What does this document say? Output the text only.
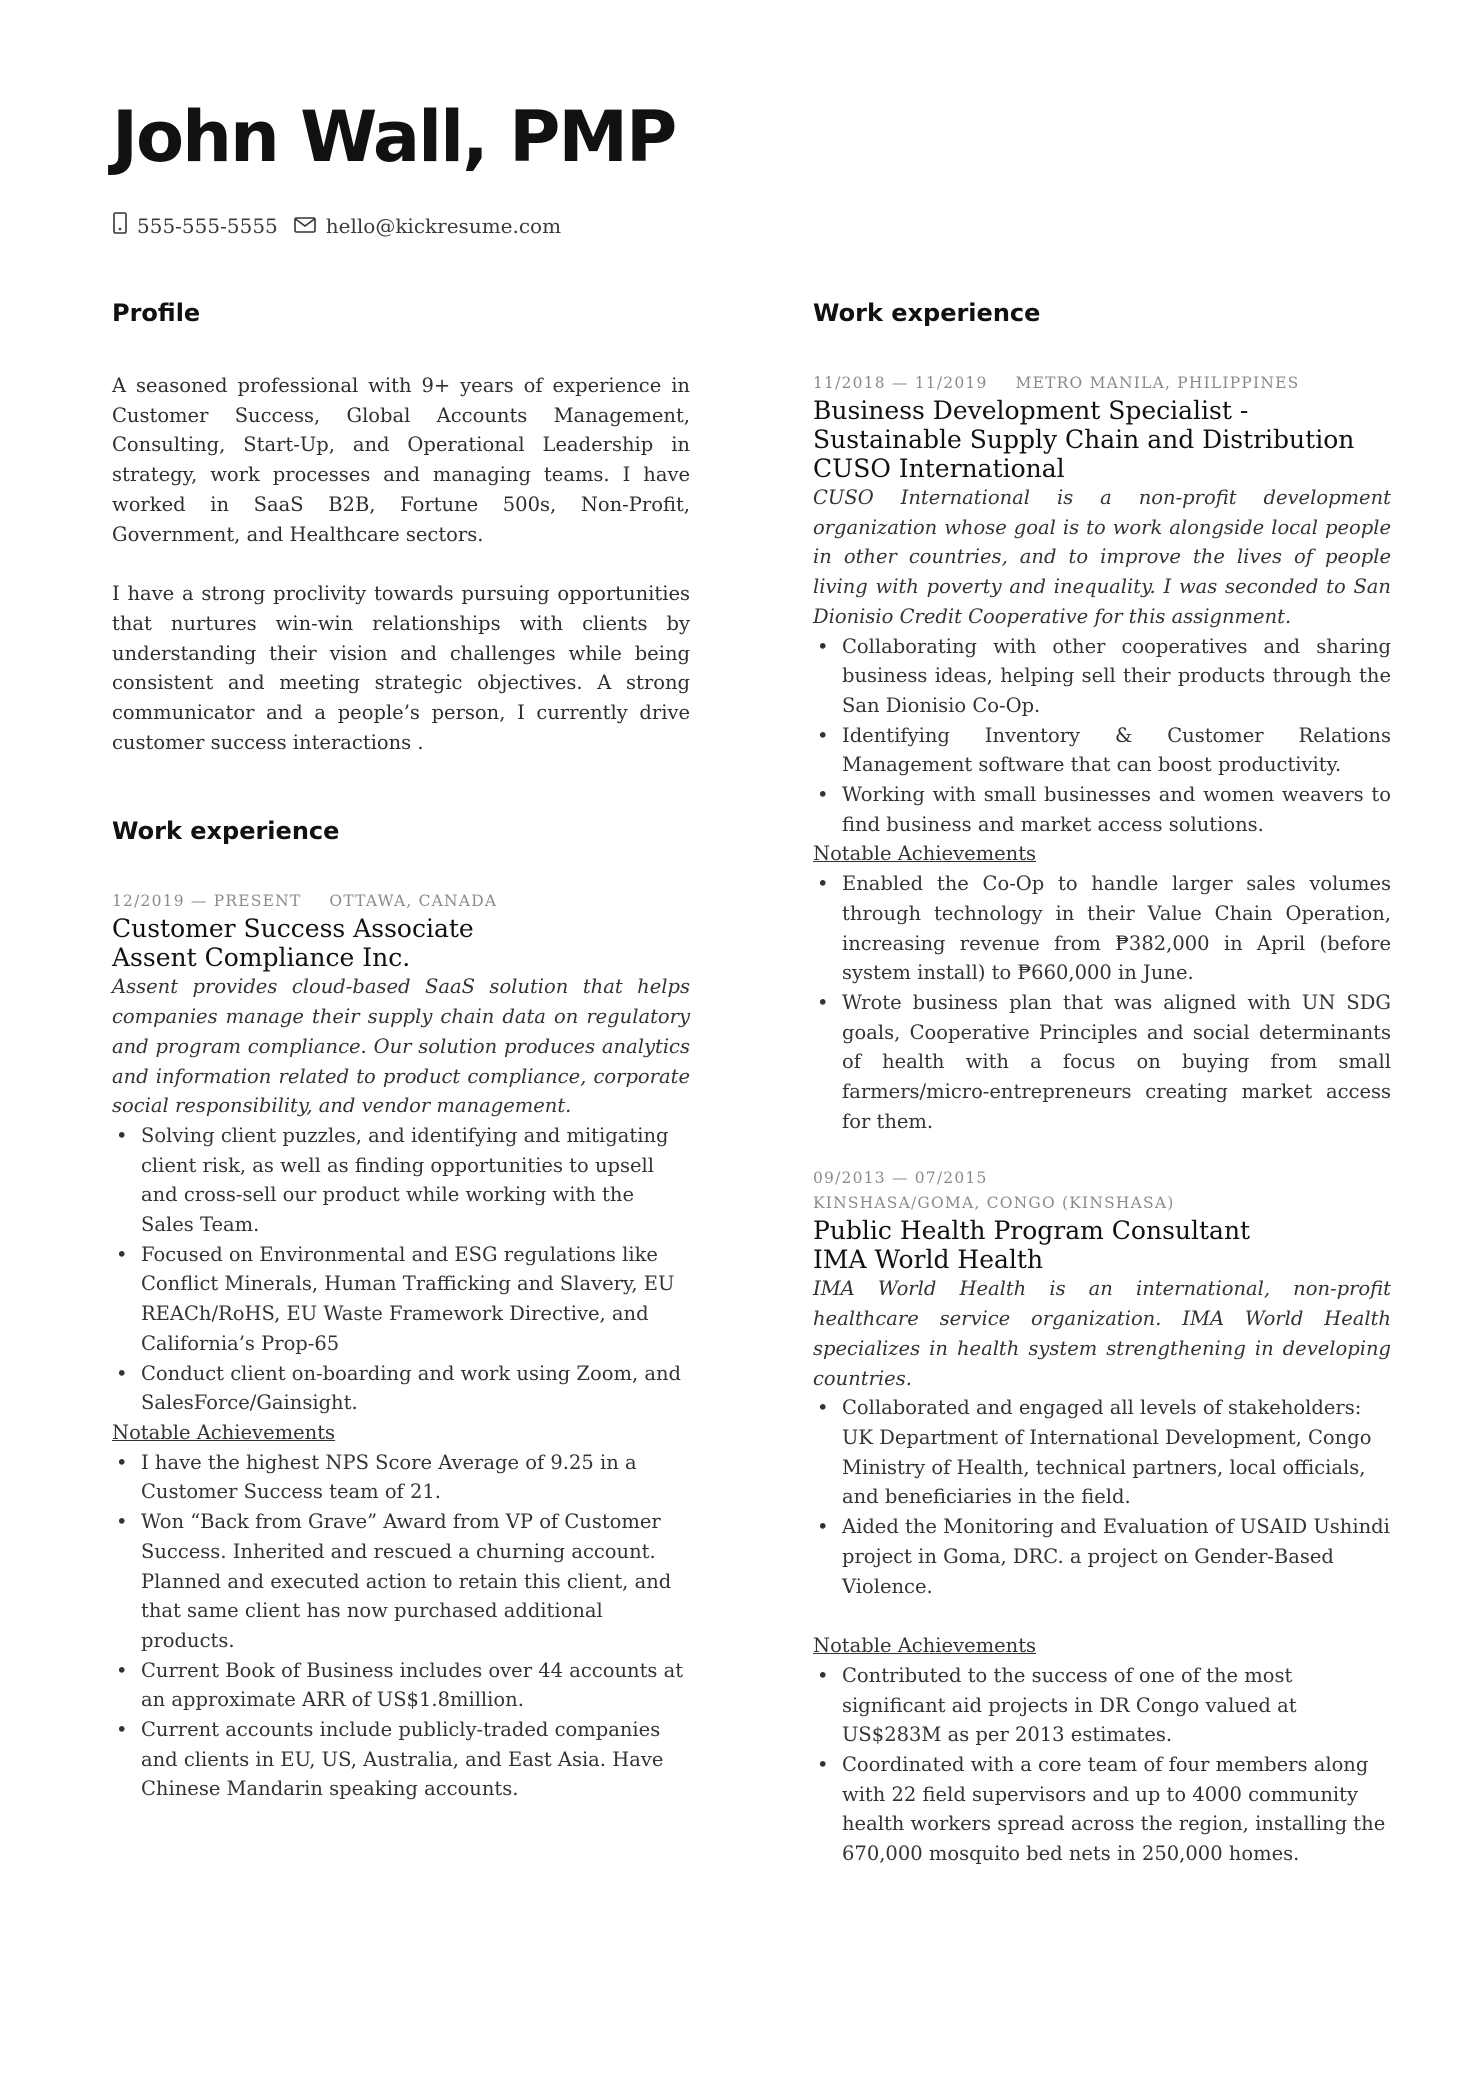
John Wall, PMP
555-555-5555 hello@kickresume.com
Profile

A seasoned professional with 9+ years of experience in Customer Success, Global Accounts Management, Consulting, Start-Up, and Operational Leadership in strategy, work processes and managing teams. I have worked in SaaS B2B, Fortune 500s, Non-Profit, Government, and Healthcare sectors.

I have a strong proclivity towards pursuing opportunities that nurtures win-win relationships with clients by understanding their vision and challenges while being consistent and meeting strategic objectives. A strong communicator and a people’s person, I currently drive customer success interactions .

Work experience
12/2019 — PRESENT OTTAWA, CANADA
Customer Success Associate
Assent Compliance Inc.

Assent provides cloud-based SaaS solution that helps companies manage their supply chain data on regulatory and program compliance. Our solution produces analytics and information related to product compliance, corporate social responsibility, and vendor management.

• Solving client puzzles, and identifying and mitigating client risk, as well as finding opportunities to upsell and cross-sell our product while working with the Sales Team.
• Focused on Environmental and ESG regulations like Conflict Minerals, Human Trafficking and Slavery, EU REACh/RoHS, EU Waste Framework Directive, and California’s Prop-65
• Conduct client on-boarding and work using Zoom, and SalesForce/Gainsight.
Notable Achievements
• I have the highest NPS Score Average of 9.25 in a Customer Success team of 21.
• Won “Back from Grave” Award from VP of Customer Success. Inherited and rescued a churning account. Planned and executed action to retain this client, and that same client has now purchased additional products.
• Current Book of Business includes over 44 accounts at an approximate ARR of US$1.8million.
• Current accounts include publicly-traded companies and clients in EU, US, Australia, and East Asia. Have Chinese Mandarin speaking accounts.
Work experience
11/2018 — 11/2019 METRO MANILA, PHILIPPINES
Business Development Specialist -
Sustainable Supply Chain and Distribution
CUSO International

CUSO International is a non-profit development organization whose goal is to work alongside local people in other countries, and to improve the lives of people living with poverty and inequality. I was seconded to San Dionisio Credit Cooperative for this assignment.

• Collaborating with other cooperatives and sharing business ideas, helping sell their products through the San Dionisio Co-Op.
• Identifying Inventory & Customer Relations Management software that can boost productivity.
• Working with small businesses and women weavers to find business and market access solutions.
Notable Achievements
• Enabled the Co-Op to handle larger sales volumes through technology in their Value Chain Operation, increasing revenue from ₱382,000 in April (before system install) to ₱660,000 in June.
• Wrote business plan that was aligned with UN SDG goals, Cooperative Principles and social determinants of health with a focus on buying from small farmers/micro-entrepreneurs creating market access for them.
09/2013 — 07/2015
KINSHASA/GOMA, CONGO (KINSHASA)
Public Health Program Consultant
IMA World Health

IMA World Health is an international, non-profit healthcare service organization. IMA World Health specializes in health system strengthening in developing countries.

• Collaborated and engaged all levels of stakeholders: UK Department of International Development, Congo Ministry of Health, technical partners, local officials, and beneficiaries in the field.
• Aided the Monitoring and Evaluation of USAID Ushindi project in Goma, DRC. a project on Gender-Based Violence.
Notable Achievements
• Contributed to the success of one of the most significant aid projects in DR Congo valued at US$283M as per 2013 estimates.
• Coordinated with a core team of four members along with 22 field supervisors and up to 4000 community health workers spread across the region, installing the 670,000 mosquito bed nets in 250,000 homes.
